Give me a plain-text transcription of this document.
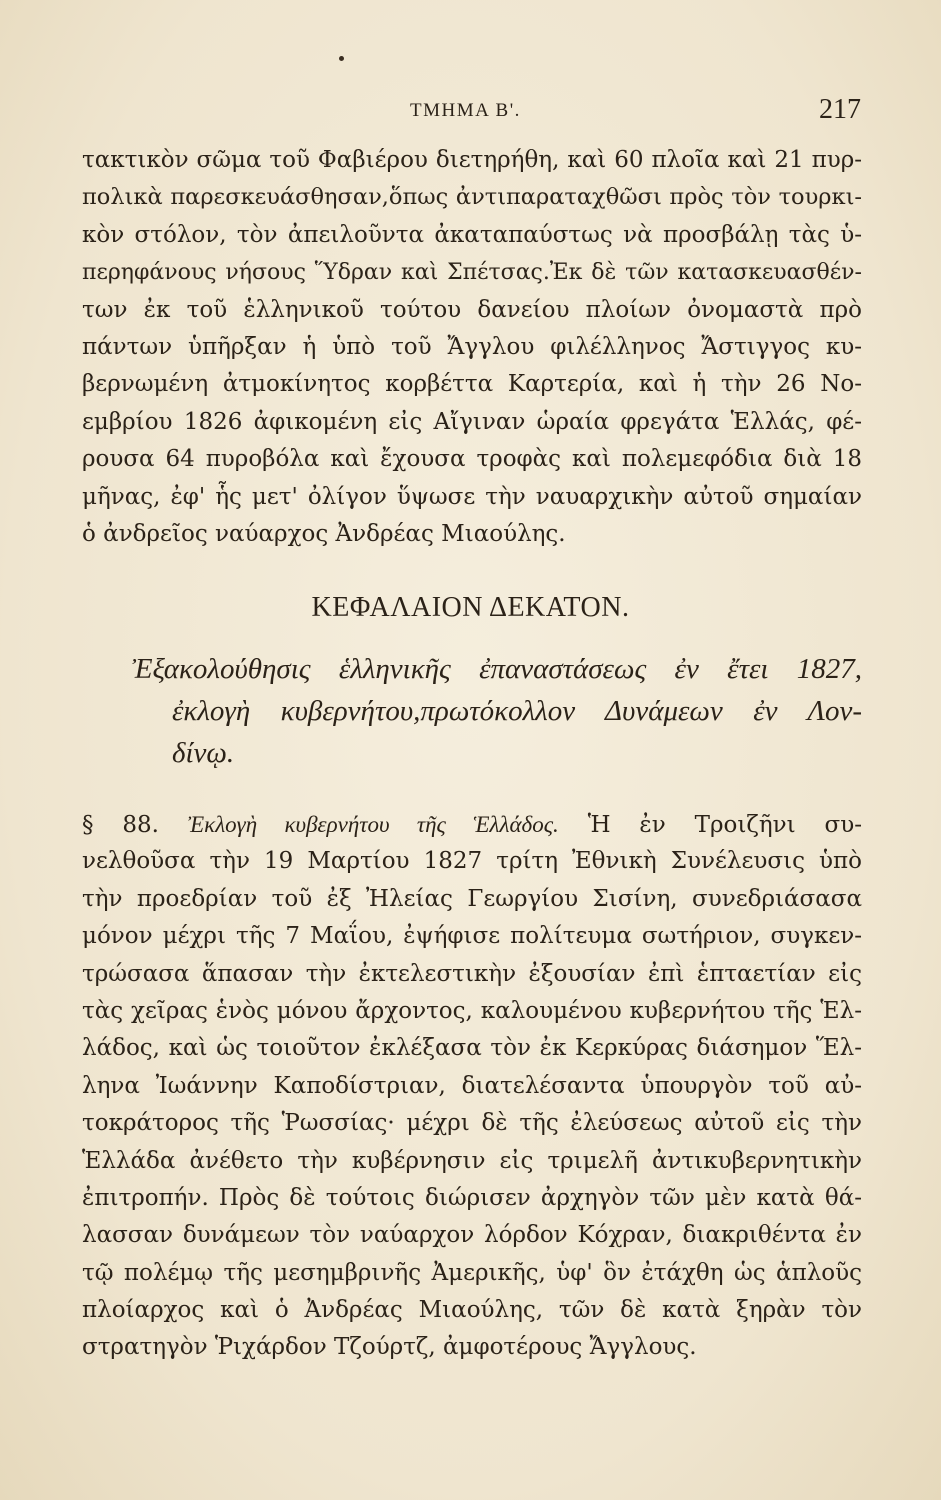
ΤΜΗΜΑ Β'.	217
τακτικὸν σῶμα τοῦ Φαβιέρου διετηρήθη, καὶ 60 πλοῖα καὶ 21 πυρ-
πολικὰ παρεσκευάσθησαν,ὅπως ἀντιπαραταχθῶσι πρὸς τὸν τουρκι-
κὸν στόλον, τὸν ἀπειλοῦντα ἀκαταπαύστως νὰ προσβάλῃ τὰς ὑ-
περηφάνους νήσους Ὕδραν καὶ Σπέτσας.Ἐκ δὲ τῶν κατασκευασθέν-
των ἐκ τοῦ ἑλληνικοῦ τούτου δανείου πλοίων ὀνομαστὰ πρὸ
πάντων ὑπῆρξαν ἡ ὑπὸ τοῦ Ἄγγλου φιλέλληνος Ἄστιγγος κυ-
βερνωμένη ἀτμοκίνητος κορβέττα Καρτερία, καὶ ἡ τὴν 26 Νο-
εμβρίου 1826 ἀφικομένη εἰς Αἴγιναν ὡραία φρεγάτα Ἑλλάς, φέ-
ρουσα 64 πυροβόλα καὶ ἔχουσα τροφὰς καὶ πολεμεφόδια διὰ 18
μῆνας, ἐφ' ἧς μετ' ὀλίγον ὕψωσε τὴν ναυαρχικὴν αὐτοῦ σημαίαν
ὁ ἀνδρεῖος ναύαρχος Ἀνδρέας Μιαούλης.
ΚΕΦΑΛΑΙΟΝ ΔΕΚΑΤΟΝ.
Ἐξακολούθησις ἑλληνικῆς ἐπαναστάσεως ἐν ἔτει 1827,
ἐκλογὴ κυβερνήτου,πρωτόκολλον Δυνάμεων ἐν Λον-
δίνῳ.
§ 88. Ἐκλογὴ κυβερνήτου τῆς Ἑλλάδος. Ἡ ἐν Τροιζῆνι συ-
νελθοῦσα τὴν 19 Μαρτίου 1827 τρίτη Ἐθνικὴ Συνέλευσις ὑπὸ
τὴν προεδρίαν τοῦ ἐξ Ἠλείας Γεωργίου Σισίνη, συνεδριάσασα
μόνον μέχρι τῆς 7 Μαΐου, ἐψήφισε πολίτευμα σωτήριον, συγκεν-
τρώσασα ἅπασαν τὴν ἐκτελεστικὴν ἐξουσίαν ἐπὶ ἑπταετίαν εἰς
τὰς χεῖρας ἑνὸς μόνου ἄρχοντος, καλουμένου κυβερνήτου τῆς Ἑλ-
λάδος, καὶ ὡς τοιοῦτον ἐκλέξασα τὸν ἐκ Κερκύρας διάσημον Ἕλ-
ληνα Ἰωάννην Καποδίστριαν, διατελέσαντα ὑπουργὸν τοῦ αὐ-
τοκράτορος τῆς Ῥωσσίας· μέχρι δὲ τῆς ἐλεύσεως αὐτοῦ εἰς τὴν
Ἑλλάδα ἀνέθετο τὴν κυβέρνησιν εἰς τριμελῆ ἀντικυβερνητικὴν
ἐπιτροπήν. Πρὸς δὲ τούτοις διώρισεν ἀρχηγὸν τῶν μὲν κατὰ θά-
λασσαν δυνάμεων τὸν ναύαρχον λόρδον Κόχραν, διακριθέντα ἐν
τῷ πολέμῳ τῆς μεσημβρινῆς Ἀμερικῆς, ὑφ' ὃν ἐτάχθη ὡς ἁπλοῦς
πλοίαρχος καὶ ὁ Ἀνδρέας Μιαούλης, τῶν δὲ κατὰ ξηρὰν τὸν
στρατηγὸν Ῥιχάρδον Τζούρτζ, ἀμφοτέρους Ἄγγλους.
